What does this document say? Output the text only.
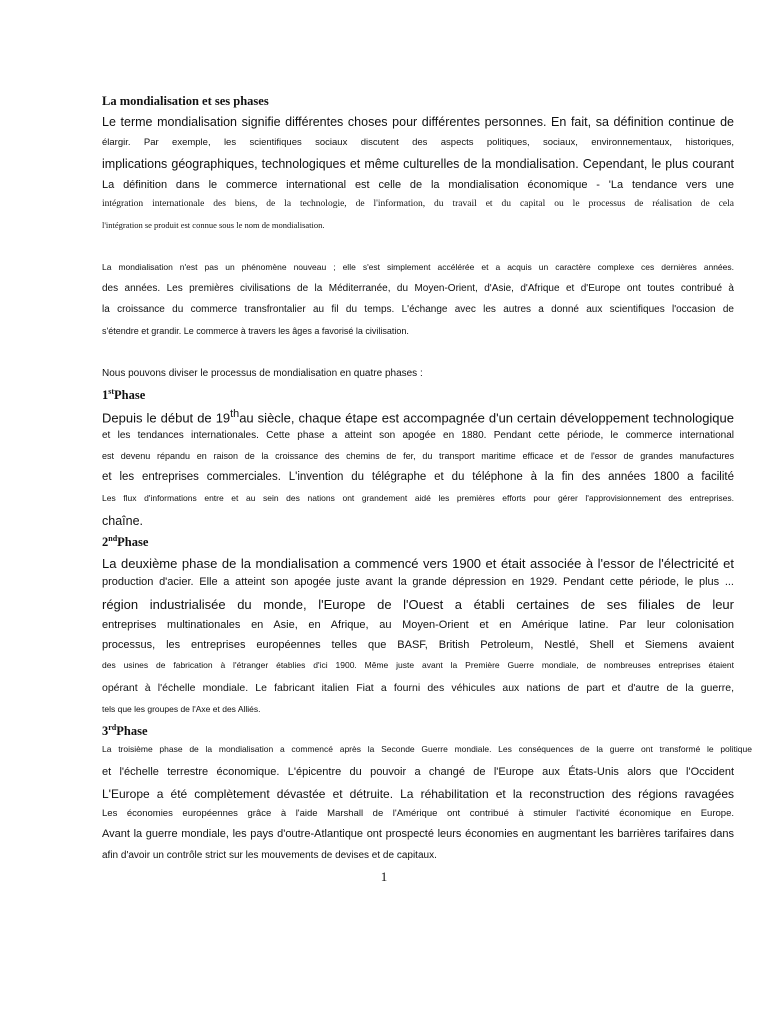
La mondialisation et ses phases

Le terme mondialisation signifie différentes choses pour différentes personnes. En fait, sa définition continue de

élargir. Par exemple, les scientifiques sociaux discutent des aspects politiques, sociaux, environnementaux, historiques,

implications géographiques, technologiques et même culturelles de la mondialisation. Cependant, le plus courant

La définition dans le commerce international est celle de la mondialisation économique - 'La tendance vers une

intégration internationale des biens, de la technologie, de l'information, du travail et du capital ou le processus de réalisation de cela

l'intégration se produit est connue sous le nom de mondialisation.

La mondialisation n'est pas un phénomène nouveau ; elle s'est simplement accélérée et a acquis un caractère complexe ces dernières années.

des années. Les premières civilisations de la Méditerranée, du Moyen-Orient, d'Asie, d'Afrique et d'Europe ont toutes contribué à

la croissance du commerce transfrontalier au fil du temps. L'échange avec les autres a donné aux scientifiques l'occasion de

s'étendre et grandir. Le commerce à travers les âges a favorisé la civilisation.

Nous pouvons diviser le processus de mondialisation en quatre phases :

1stPhase

Depuis le début de 19thau siècle, chaque étape est accompagnée d'un certain développement technologique

et les tendances internationales. Cette phase a atteint son apogée en 1880. Pendant cette période, le commerce international

est devenu répandu en raison de la croissance des chemins de fer, du transport maritime efficace et de l'essor de grandes manufactures

et les entreprises commerciales. L'invention du télégraphe et du téléphone à la fin des années 1800 a facilité

Les flux d'informations entre et au sein des nations ont grandement aidé les premières efforts pour gérer l'approvisionnement des entreprises.

chaîne.

2ndPhase

La deuxième phase de la mondialisation a commencé vers 1900 et était associée à l'essor de l'électricité et

production d'acier. Elle a atteint son apogée juste avant la grande dépression en 1929. Pendant cette période, le plus ...

région industrialisée du monde, l'Europe de l'Ouest a établi certaines de ses filiales de leur

entreprises multinationales en Asie, en Afrique, au Moyen-Orient et en Amérique latine. Par leur colonisation

processus, les entreprises européennes telles que BASF, British Petroleum, Nestlé, Shell et Siemens avaient

des usines de fabrication à l'étranger établies d'ici 1900. Même juste avant la Première Guerre mondiale, de nombreuses entreprises étaient

opérant à l'échelle mondiale. Le fabricant italien Fiat a fourni des véhicules aux nations de part et d'autre de la guerre,

tels que les groupes de l'Axe et des Alliés.

3rdPhase

La troisième phase de la mondialisation a commencé après la Seconde Guerre mondiale. Les conséquences de la guerre ont transformé le politique

et l'échelle terrestre économique. L'épicentre du pouvoir a changé de l'Europe aux États-Unis alors que l'Occident

L'Europe a été complètement dévastée et détruite. La réhabilitation et la reconstruction des régions ravagées

Les économies européennes grâce à l'aide Marshall de l'Amérique ont contribué à stimuler l'activité économique en Europe.

Avant la guerre mondiale, les pays d'outre-Atlantique ont prospecté leurs économies en augmentant les barrières tarifaires dans

afin d'avoir un contrôle strict sur les mouvements de devises et de capitaux.

1
